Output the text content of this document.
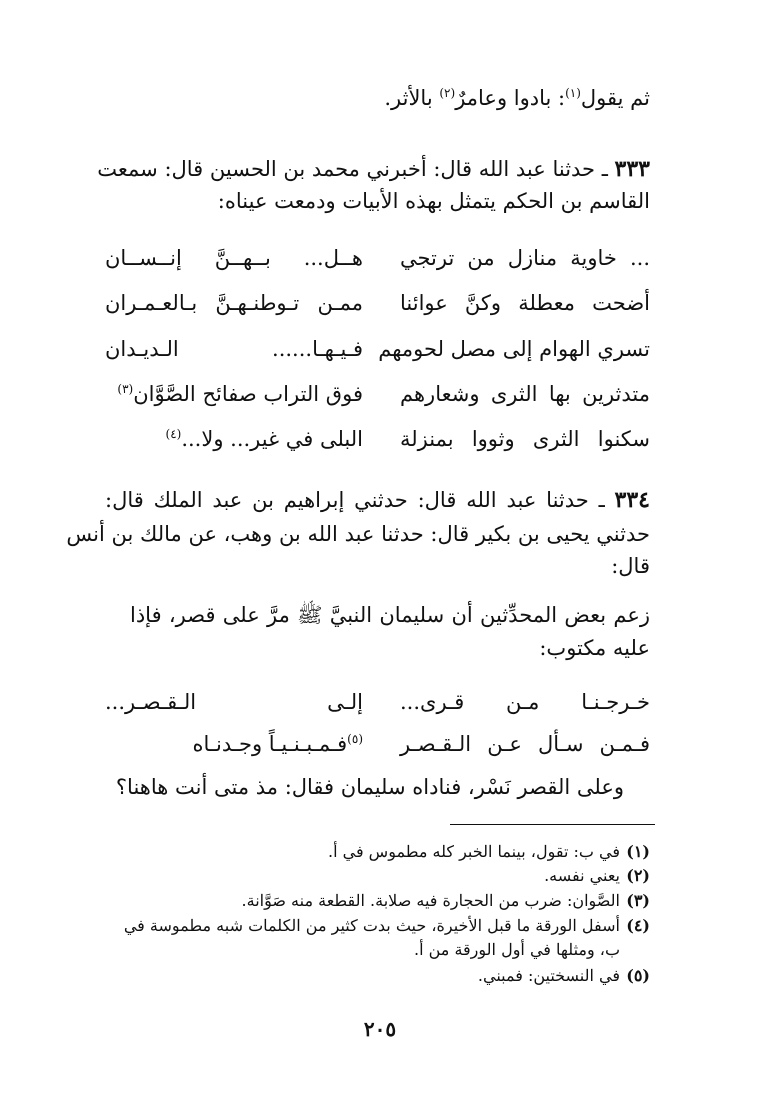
ثم يقول$^{(١)}$: بادوا وعامرٌ$^{(٢)}$ بالأثر.
٣٣٣ ـ حدثنا عبد الله قال: أخبرني محمد بن الحسين قال: سمعت
القاسم بن الحكم يتمثل بهذه الأبيات ودمعت عيناه:
... خاوية منازل من ترتجي
هــل... بــهــنَّ إنــســان
أضحت معطلة وكنَّ عوائنا
ممـن تـوطنـهـنَّ بـالعـمـران
تسري الهوام إلى مصل لحومهم
فـيـهـا...... الـديـدان
متدثرين بها الثرى وشعارهم
فوق التراب صفائح الصَّوَّان$^{(٣)}$
سكنوا الثرى وثووا بمنزلة
البلى في غير... ولا...$^{(٤)}$
٣٣٤ ـ حدثنا عبد الله قال: حدثني إبراهيم بن عبد الملك قال:
حدثني يحيى بن بكير قال: حدثنا عبد الله بن وهب، عن مالك بن أنس
قال:
زعم بعض المحدِّثين أن سليمان النبيَّ ﷺ مرَّ على قصر، فإذا
عليه مكتوب:
خـرجـنـا مـن قـرى...
إلـى الـقـصـر...
فـمـن سـأل عـن الـقـصـر
$^{(٥)}$فـمـبـنـيـاً وجـدنـاه
وعلى القصر نَسْر، فناداه سليمان فقال: مذ متى أنت هاهنا؟
(١)في ب: تقول، بينما الخبر كله مطموس في أ.
(٢)يعني نفسه.
(٣)الصَّوان: ضرب من الحجارة فيه صلابة. القطعة منه صَوَّانة.
(٤)أسفل الورقة ما قبل الأخيرة، حيث بدت كثير من الكلمات شبه مطموسة في
ب، ومثلها في أول الورقة من أ.
(٥)في النسختين: فمبني.
٢٠٥
